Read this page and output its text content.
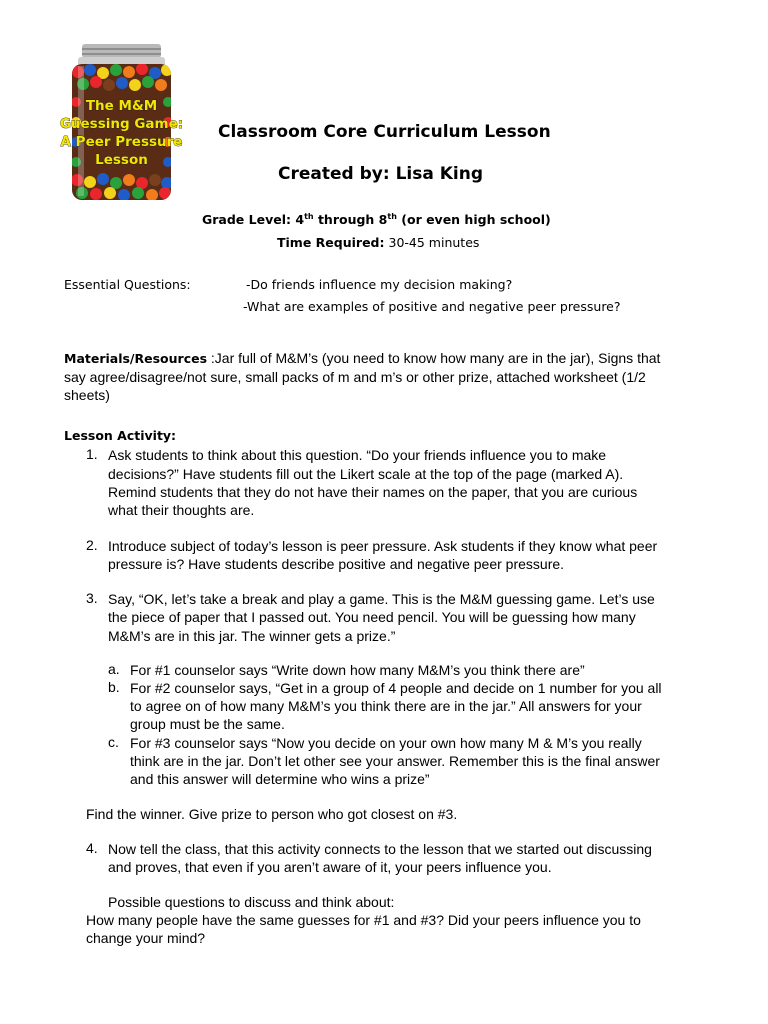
The M&M
Guessing Game:
A Peer Pressure
Lesson
Classroom Core Curriculum Lesson
Created by: Lisa King
Grade Level: 4th through 8th (or even high school)
Time Required: 30-45 minutes
Essential Questions:	-Do friends influence my decision making?
-What are examples of positive and negative peer pressure?
Materials/Resources :Jar full of M&M’s (you need to know how many are in the jar), Signs that
say agree/disagree/not sure, small packs of m and m’s or other prize, attached worksheet (1/2
sheets)
Lesson Activity:
1. Ask students to think about this question. “Do your friends influence you to make
decisions?” Have students fill out the Likert scale at the top of the page (marked A).
Remind students that they do not have their names on the paper, that you are curious
what their thoughts are.
2. Introduce subject of today’s lesson is peer pressure. Ask students if they know what peer
pressure is? Have students describe positive and negative peer pressure.
3. Say, “OK, let’s take a break and play a game. This is the M&M guessing game. Let’s use
the piece of paper that I passed out. You need pencil. You will be guessing how many
M&M’s are in this jar. The winner gets a prize.”
a. For #1 counselor says “Write down how many M&M’s you think there are”
b. For #2 counselor says, “Get in a group of 4 people and decide on 1 number for you all
to agree on of how many M&M’s you think there are in the jar.” All answers for your
group must be the same.
c. For #3 counselor says “Now you decide on your own how many M & M’s you really
think are in the jar. Don’t let other see your answer. Remember this is the final answer
and this answer will determine who wins a prize”
Find the winner. Give prize to person who got closest on #3.
4. Now tell the class, that this activity connects to the lesson that we started out discussing
and proves, that even if you aren’t aware of it, your peers influence you.
Possible questions to discuss and think about:
How many people have the same guesses for #1 and #3? Did your peers influence you to
change your mind?
